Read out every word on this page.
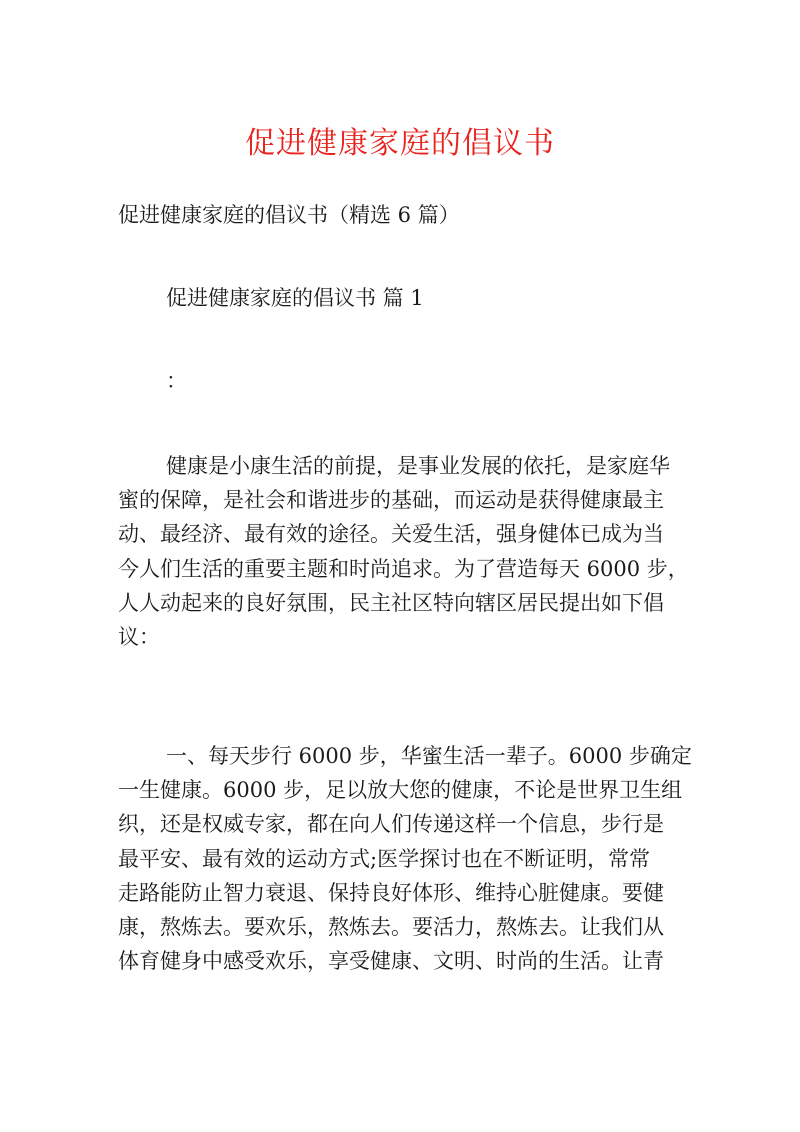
促进健康家庭的倡议书
促进健康家庭的倡议书（精选 6 篇）
促进健康家庭的倡议书 篇 1
：
健康是小康生活的前提，是事业发展的依托，是家庭华
蜜的保障，是社会和谐进步的基础，而运动是获得健康最主
动、最经济、最有效的途径。关爱生活，强身健体已成为当
今人们生活的重要主题和时尚追求。为了营造每天 6000 步，
人人动起来的良好氛围，民主社区特向辖区居民提出如下倡
议：
一、每天步行 6000 步，华蜜生活一辈子。6000 步确定
一生健康。6000 步，足以放大您的健康，不论是世界卫生组
织，还是权威专家，都在向人们传递这样一个信息，步行是
最平安、最有效的运动方式;医学探讨也在不断证明，常常
走路能防止智力衰退、保持良好体形、维持心脏健康。要健
康，熬炼去。要欢乐，熬炼去。要活力，熬炼去。让我们从
体育健身中感受欢乐，享受健康、文明、时尚的生活。让青
